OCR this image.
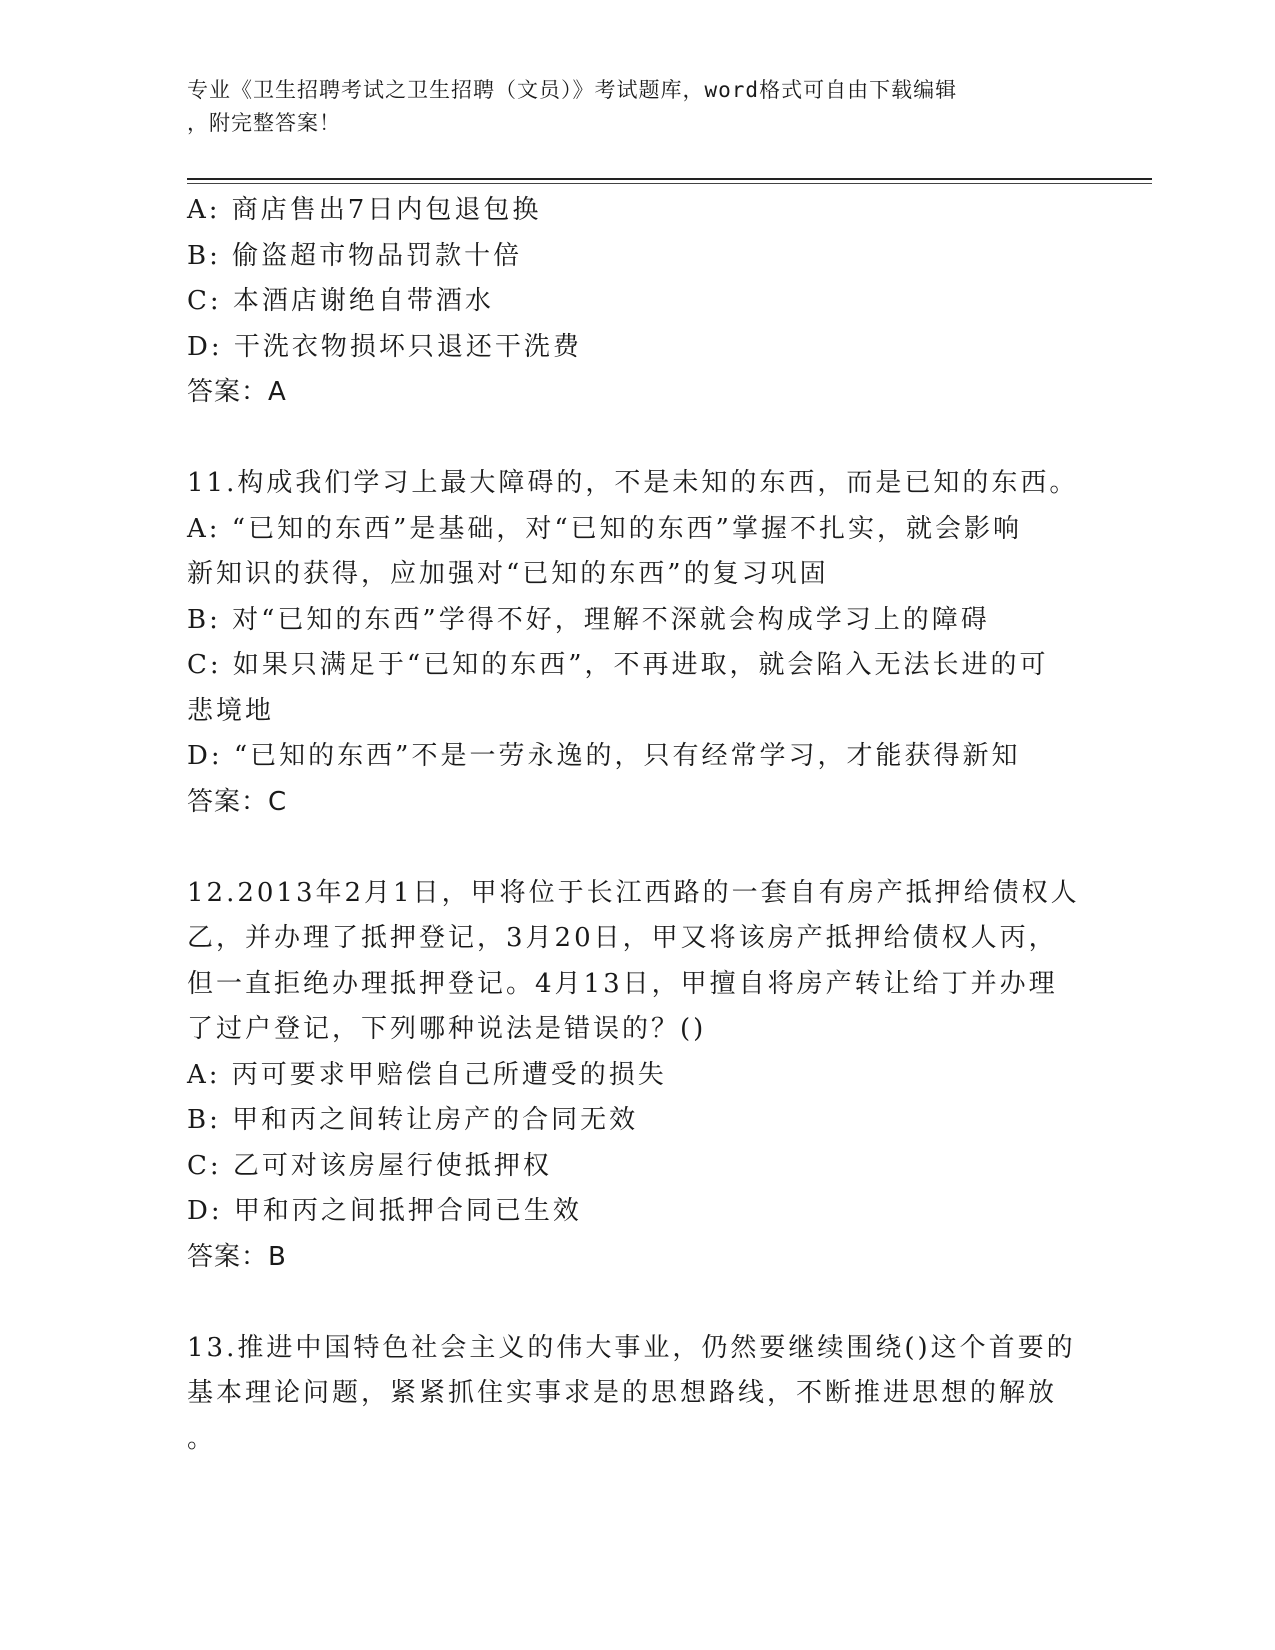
专业《卫生招聘考试之卫生招聘（文员）》考试题库，word格式可自由下载编辑
，附完整答案！

A: 商店售出7日内包退包换

B: 偷盗超市物品罚款十倍

C: 本酒店谢绝自带酒水

D: 干洗衣物损坏只退还干洗费

答案：A

11.构成我们学习上最大障碍的，不是未知的东西，而是已知的东西。

A: “已知的东西”是基础，对“已知的东西”掌握不扎实，就会影响

新知识的获得，应加强对“已知的东西”的复习巩固

B: 对“已知的东西”学得不好，理解不深就会构成学习上的障碍

C: 如果只满足于“已知的东西”，不再进取，就会陷入无法长进的可

悲境地

D: “已知的东西”不是一劳永逸的，只有经常学习，才能获得新知

答案：C

12.2013年2月1日，甲将位于长江西路的一套自有房产抵押给债权人

乙，并办理了抵押登记，3月20日，甲又将该房产抵押给债权人丙，

但一直拒绝办理抵押登记。4月13日，甲擅自将房产转让给丁并办理

了过户登记，下列哪种说法是错误的？()

A: 丙可要求甲赔偿自己所遭受的损失

B: 甲和丙之间转让房产的合同无效

C: 乙可对该房屋行使抵押权

D: 甲和丙之间抵押合同已生效

答案：B

13.推进中国特色社会主义的伟大事业，仍然要继续围绕()这个首要的

基本理论问题，紧紧抓住实事求是的思想路线，不断推进思想的解放

。
